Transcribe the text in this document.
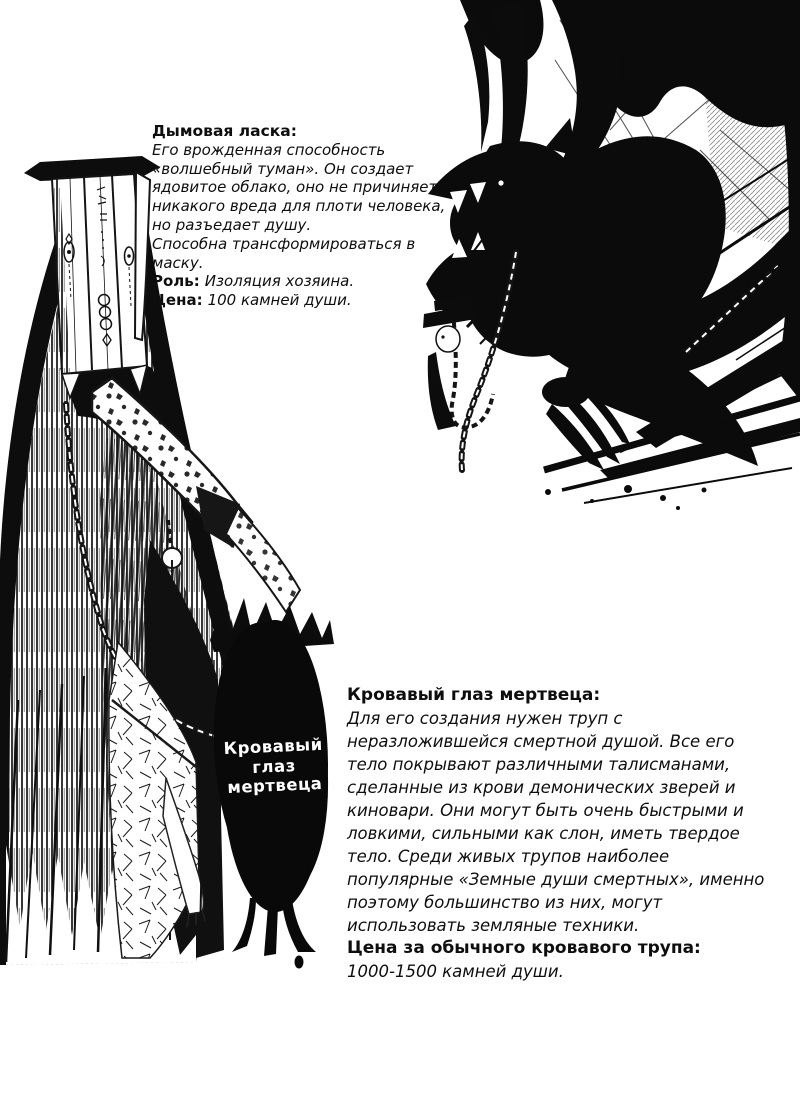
Дымовая ласка:
Его врожденная способность
«волшебный туман». Он создает
ядовитое облако, оно не причиняет
никакого вреда для плоти человека,
но разъедает душу.
Способна трансформироваться в
маску.
Роль: Изоляция хозяина.
Цена: 100 камней души.
Кровавый
глаз
мертвеца
Кровавый глаз мертвеца:
Для его создания нужен труп с
неразложившейся смертной душой. Все его
тело покрывают различными талисманами,
сделанные из крови демонических зверей и
киновари. Они могут быть очень быстрыми и
ловкими, сильными как слон, иметь твердое
тело. Среди живых трупов наиболее
популярные «Земные души смертных», именно
поэтому большинство из них, могут
использовать земляные техники.
Цена за обычного кровавого трупа:
1000-1500 камней души.
